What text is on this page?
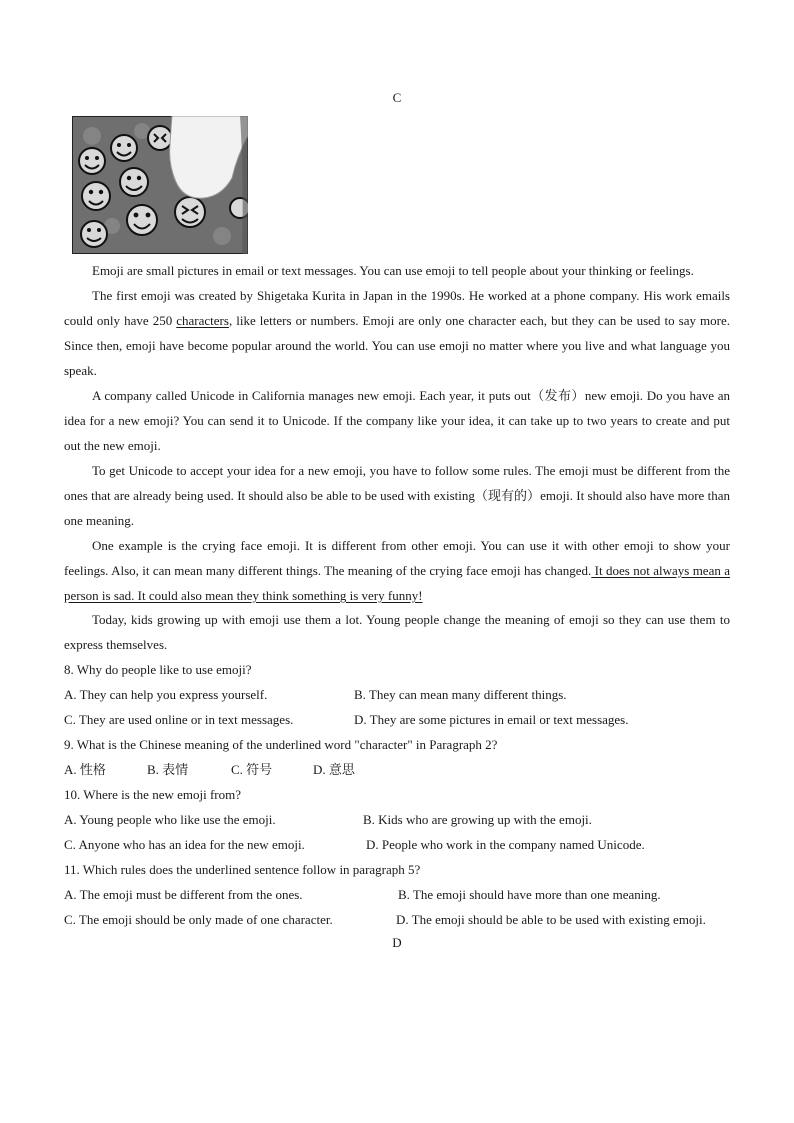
C
Emoji are small pictures in email or text messages. You can use emoji to tell people about your thinking or feelings.
The first emoji was created by Shigetaka Kurita in Japan in the 1990s. He worked at a phone company. His work emails could only have 250 characters, like letters or numbers. Emoji are only one character each, but they can be used to say more. Since then, emoji have become popular around the world. You can use emoji no matter where you live and what language you speak.
A company called Unicode in California manages new emoji. Each year, it puts out（发布）new emoji. Do you have an idea for a new emoji? You can send it to Unicode. If the company like your idea, it can take up to two years to create and put out the new emoji.
To get Unicode to accept your idea for a new emoji, you have to follow some rules. The emoji must be different from the ones that are already being used. It should also be able to be used with existing（现有的）emoji. It should also have more than one meaning.
One example is the crying face emoji. It is different from other emoji. You can use it with other emoji to show your feelings. Also, it can mean many different things. The meaning of the crying face emoji has changed. It does not always mean a person is sad. It could also mean they think something is very funny!
Today, kids growing up with emoji use them a lot. Young people change the meaning of emoji so they can use them to express themselves.
8. Why do people like to use emoji?
A. They can help you express yourself.	B. They can mean many different things.
C. They are used online or in text messages.	D. They are some pictures in email or text messages.
9. What is the Chinese meaning of the underlined word "character" in Paragraph 2?
A. 性格	B. 表情	C. 符号	D. 意思
10. Where is the new emoji from?
A. Young people who like use the emoji.	B. Kids who are growing up with the emoji.
C. Anyone who has an idea for the new emoji.	D. People who work in the company named Unicode.
11. Which rules does the underlined sentence follow in paragraph 5?
A. The emoji must be different from the ones.	B. The emoji should have more than one meaning.
C. The emoji should be only made of one character.	D. The emoji should be able to be used with existing emoji.
D
